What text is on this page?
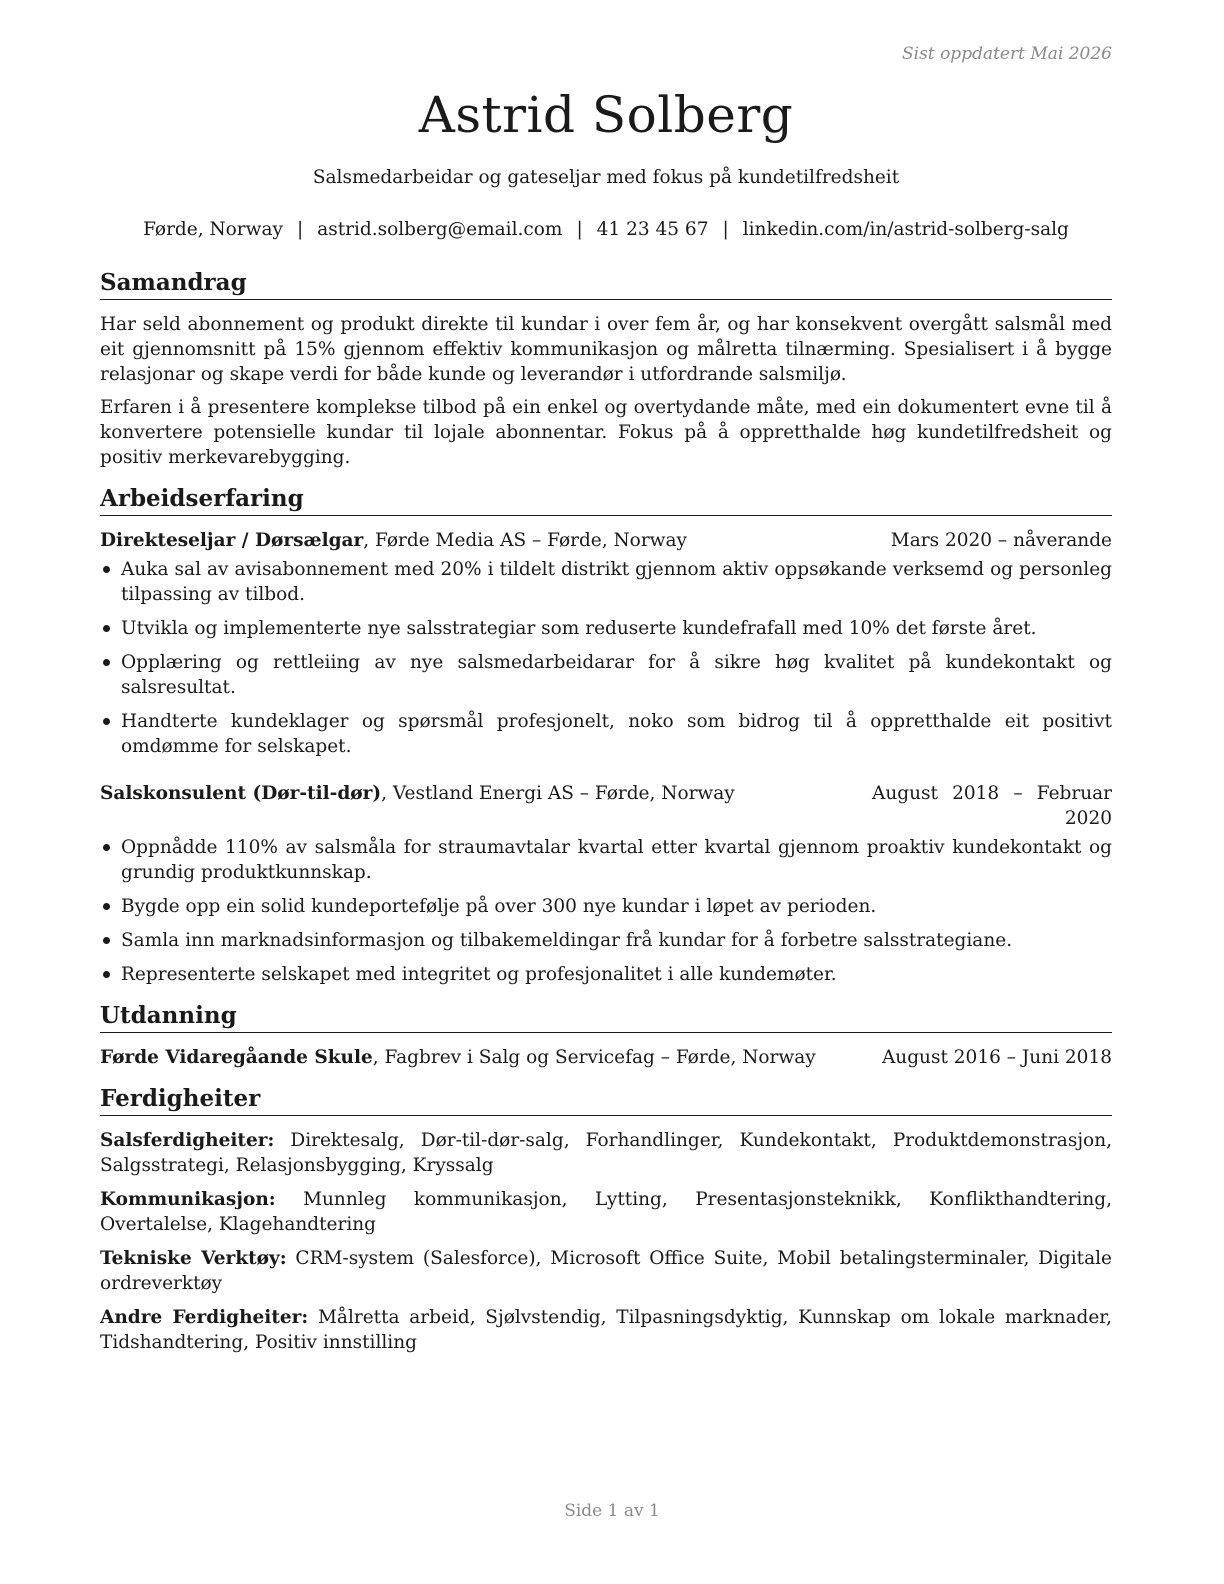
Sist oppdatert Mai 2026
Astrid Solberg
Salsmedarbeidar og gateseljar med fokus på kundetilfredsheit
Førde, Norway | astrid.solberg@email.com | 41 23 45 67 | linkedin.com/in/astrid-solberg-salg
Samandrag

Har seld abonnement og produkt direkte til kundar i over fem år, og har konsekvent overgått salsmål med eit gjennomsnitt på 15% gjennom effektiv kommunikasjon og målretta tilnærming. Spesialisert i å bygge relasjonar og skape verdi for både kunde og leverandør i utfordrande salsmiljø.

Erfaren i å presentere komplekse tilbod på ein enkel og overtydande måte, med ein dokumentert evne til å konvertere potensielle kundar til lojale abonnentar. Fokus på å oppretthalde høg kundetilfredsheit og positiv merkevarebygging.

Arbeidserfaring
Direkteseljar / Dørsælgar, Førde Media AS – Førde, Norway	Mars 2020 – nåverande
Auka sal av avisabonnement med 20% i tildelt distrikt gjennom aktiv oppsøkande verksemd og personleg tilpassing av tilbod.
Utvikla og implementerte nye salsstrategiar som reduserte kundefrafall med 10% det første året.
Opplæring og rettleiing av nye salsmedarbeidarar for å sikre høg kvalitet på kundekontakt og salsresultat.
Handterte kundeklager og spørsmål profesjonelt, noko som bidrog til å oppretthalde eit positivt omdømme for selskapet.
Salskonsulent (Dør-til-dør), Vestland Energi AS – Førde, Norway	August 2018 – Februar 2020
Oppnådde 110% av salsmåla for straumavtalar kvartal etter kvartal gjennom proaktiv kundekontakt og grundig produktkunnskap.
Bygde opp ein solid kundeportefølje på over 300 nye kundar i løpet av perioden.
Samla inn marknadsinformasjon og tilbakemeldingar frå kundar for å forbetre salsstrategiane.
Representerte selskapet med integritet og profesjonalitet i alle kundemøter.
Utdanning
Førde Vidaregåande Skule, Fagbrev i Salg og Servicefag – Førde, Norway	August 2016 – Juni 2018
Ferdigheiter

Salsferdigheiter: Direktesalg, Dør-til-dør-salg, Forhandlinger, Kundekontakt, Produktdemonstrasjon, Salgsstrategi, Relasjonsbygging, Kryssalg

Kommunikasjon: Munnleg kommunikasjon, Lytting, Presentasjonsteknikk, Konflikthandtering, Overtalelse, Klagehandtering

Tekniske Verktøy: CRM-system (Salesforce), Microsoft Office Suite, Mobil betalingsterminaler, Digitale ordreverktøy

Andre Ferdigheiter: Målretta arbeid, Sjølvstendig, Tilpasningsdyktig, Kunnskap om lokale marknader, Tidshandtering, Positiv innstilling

Side 1 av 1
